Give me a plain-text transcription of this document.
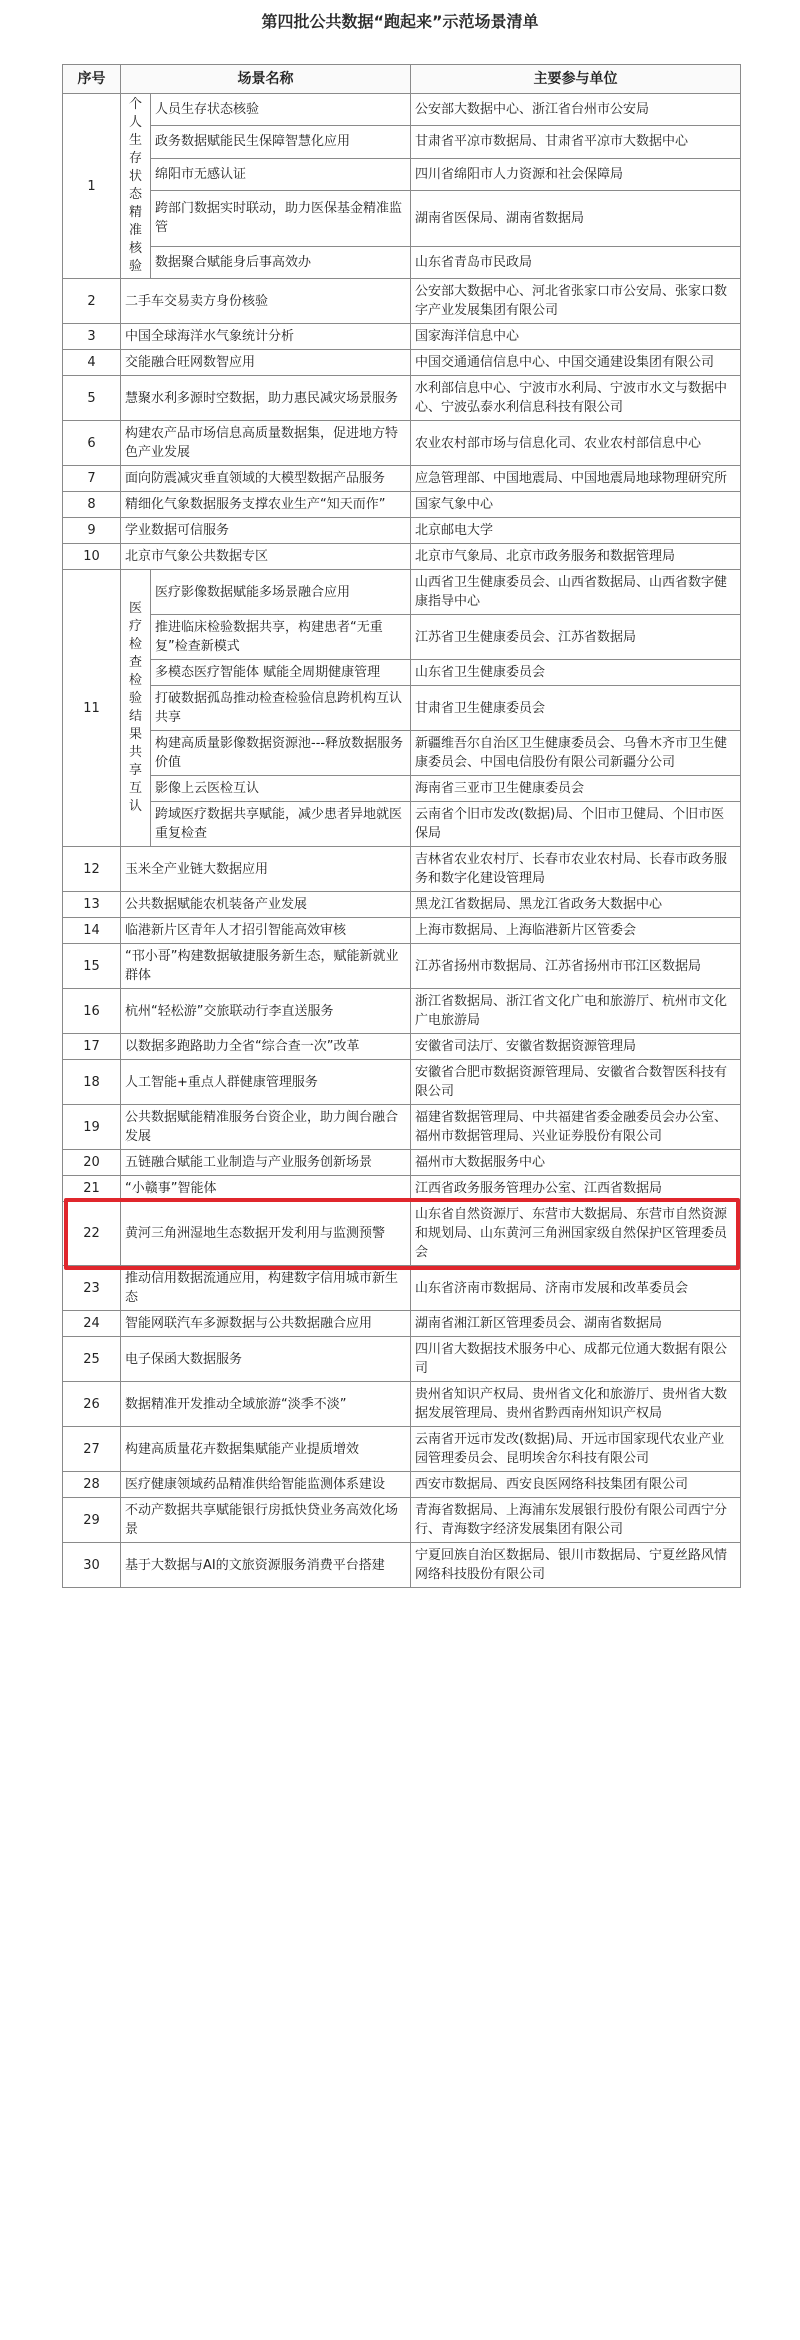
第四批公共数据“跑起来”示范场景清单
序号	场景名称		主要参与单位
1	个人生存状态精准核验	人员生存状态核验	公安部大数据中心、浙江省台州市公安局
		政务数据赋能民生保障智慧化应用	甘肃省平凉市数据局、甘肃省平凉市大数据中心
		绵阳市无感认证	四川省绵阳市人力资源和社会保障局
		跨部门数据实时联动，助力医保基金精准监管	湖南省医保局、湖南省数据局
		数据聚合赋能身后事高效办	山东省青岛市民政局
2	二手车交易卖方身份核验		公安部大数据中心、河北省张家口市公安局、张家口数字产业发展集团有限公司
3	中国全球海洋水气象统计分析		国家海洋信息中心
4	交能融合旺网数智应用		中国交通通信信息中心、中国交通建设集团有限公司
5	慧聚水利多源时空数据，助力惠民减灾场景服务		水利部信息中心、宁波市水利局、宁波市水文与数据中心、宁波弘泰水利信息科技有限公司
6	构建农产品市场信息高质量数据集，促进地方特色产业发展		农业农村部市场与信息化司、农业农村部信息中心
7	面向防震减灾垂直领域的大模型数据产品服务		应急管理部、中国地震局、中国地震局地球物理研究所
8	精细化气象数据服务支撑农业生产“知天而作”		国家气象中心
9	学业数据可信服务		北京邮电大学
10	北京市气象公共数据专区		北京市气象局、北京市政务服务和数据管理局
11	医疗检查检验结果共享互认	医疗影像数据赋能多场景融合应用	山西省卫生健康委员会、山西省数据局、山西省数字健康指导中心
		推进临床检验数据共享，构建患者“无重复”检查新模式	江苏省卫生健康委员会、江苏省数据局
		多模态医疗智能体 赋能全周期健康管理	山东省卫生健康委员会
		打破数据孤岛推动检查检验信息跨机构互认共享	甘肃省卫生健康委员会
		构建高质量影像数据资源池---释放数据服务价值	新疆维吾尔自治区卫生健康委员会、乌鲁木齐市卫生健康委员会、中国电信股份有限公司新疆分公司
		影像上云医检互认	海南省三亚市卫生健康委员会
		跨域医疗数据共享赋能，减少患者异地就医重复检查	云南省个旧市发改(数据)局、个旧市卫健局、个旧市医保局
12	玉米全产业链大数据应用		吉林省农业农村厅、长春市农业农村局、长春市政务服务和数字化建设管理局
13	公共数据赋能农机装备产业发展		黑龙江省数据局、黑龙江省政务大数据中心
14	临港新片区青年人才招引智能高效审核		上海市数据局、上海临港新片区管委会
15	“邗小哥”构建数据敏捷服务新生态，赋能新就业群体		江苏省扬州市数据局、江苏省扬州市邗江区数据局
16	杭州“轻松游”交旅联动行李直送服务		浙江省数据局、浙江省文化广电和旅游厅、杭州市文化广电旅游局
17	以数据多跑路助力全省“综合查一次”改革		安徽省司法厅、安徽省数据资源管理局
18	人工智能+重点人群健康管理服务		安徽省合肥市数据资源管理局、安徽省合数智医科技有限公司
19	公共数据赋能精准服务台资企业，助力闽台融合发展		福建省数据管理局、中共福建省委金融委员会办公室、福州市数据管理局、兴业证券股份有限公司
20	五链融合赋能工业制造与产业服务创新场景		福州市大数据服务中心
21	“小赣事”智能体		江西省政务服务管理办公室、江西省数据局
22	黄河三角洲湿地生态数据开发利用与监测预警		山东省自然资源厅、东营市大数据局、东营市自然资源和规划局、山东黄河三角洲国家级自然保护区管理委员会
23	推动信用数据流通应用，构建数字信用城市新生态		山东省济南市数据局、济南市发展和改革委员会
24	智能网联汽车多源数据与公共数据融合应用		湖南省湘江新区管理委员会、湖南省数据局
25	电子保函大数据服务		四川省大数据技术服务中心、成都元位通大数据有限公司
26	数据精准开发推动全域旅游“淡季不淡”		贵州省知识产权局、贵州省文化和旅游厅、贵州省大数据发展管理局、贵州省黔西南州知识产权局
27	构建高质量花卉数据集赋能产业提质增效		云南省开远市发改(数据)局、开远市国家现代农业产业园管理委员会、昆明埃舍尔科技有限公司
28	医疗健康领域药品精准供给智能监测体系建设		西安市数据局、西安良医网络科技集团有限公司
29	不动产数据共享赋能银行房抵快贷业务高效化场景		青海省数据局、上海浦东发展银行股份有限公司西宁分行、青海数字经济发展集团有限公司
30	基于大数据与AI的文旅资源服务消费平台搭建		宁夏回族自治区数据局、银川市数据局、宁夏丝路风情网络科技股份有限公司
